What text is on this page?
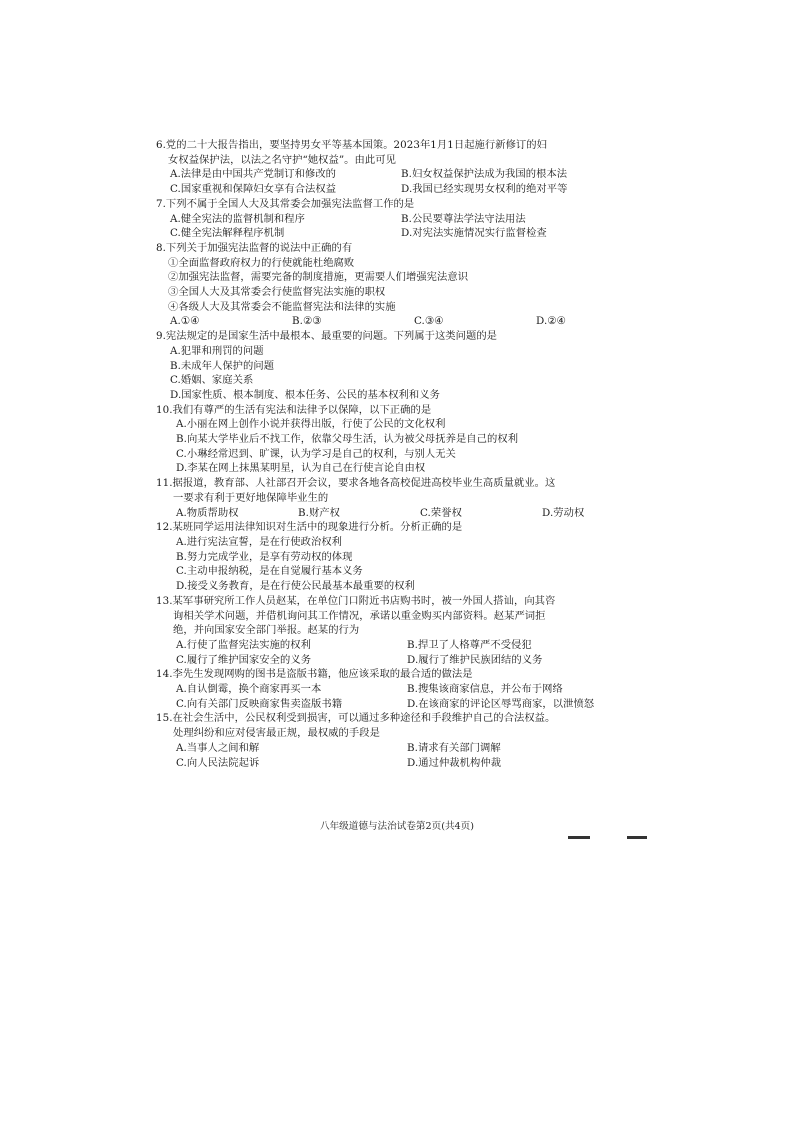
6.党的二十大报告指出，要坚持男女平等基本国策。2023年1月1日起施行新修订的妇
女权益保护法，以法之名守护“她权益”。由此可见
A.法律是由中国共产党制订和修改的	B.妇女权益保护法成为我国的根本法
C.国家重视和保障妇女享有合法权益	D.我国已经实现男女权利的绝对平等
7.下列不属于全国人大及其常委会加强宪法监督工作的是
A.健全宪法的监督机制和程序	B.公民要尊法学法守法用法
C.健全宪法解释程序机制	D.对宪法实施情况实行监督检查
8.下列关于加强宪法监督的说法中正确的有
①全面监督政府权力的行使就能杜绝腐败
②加强宪法监督，需要完备的制度措施，更需要人们增强宪法意识
③全国人大及其常委会行使监督宪法实施的职权
④各级人大及其常委会不能监督宪法和法律的实施
A.①④	B.②③	C.③④	D.②④
9.宪法规定的是国家生活中最根本、最重要的问题。下列属于这类问题的是
A.犯罪和刑罚的问题
B.未成年人保护的问题
C.婚姻、家庭关系
D.国家性质、根本制度、根本任务、公民的基本权利和义务
10.我们有尊严的生活有宪法和法律予以保障，以下正确的是
A.小丽在网上创作小说并获得出版，行使了公民的文化权利
B.向某大学毕业后不找工作，依靠父母生活，认为被父母抚养是自己的权利
C.小琳经常迟到、旷课，认为学习是自己的权利，与别人无关
D.李某在网上抹黑某明星，认为自己在行使言论自由权
11.据报道，教育部、人社部召开会议，要求各地各高校促进高校毕业生高质量就业。这
一要求有利于更好地保障毕业生的
A.物质帮助权	B.财产权	C.荣誉权	D.劳动权
12.某班同学运用法律知识对生活中的现象进行分析。分析正确的是
A.进行宪法宣誓，是在行使政治权利
B.努力完成学业，是享有劳动权的体现
C.主动申报纳税，是在自觉履行基本义务
D.接受义务教育，是在行使公民最基本最重要的权利
13.某军事研究所工作人员赵某，在单位门口附近书店购书时，被一外国人搭讪，向其咨
询相关学术问题，并借机询问其工作情况，承诺以重金购买内部资料。赵某严词拒
绝，并向国家安全部门举报。赵某的行为
A.行使了监督宪法实施的权利	B.捍卫了人格尊严不受侵犯
C.履行了维护国家安全的义务	D.履行了维护民族团结的义务
14.李先生发现网购的图书是盗版书籍，他应该采取的最合适的做法是
A.自认倒霉，换个商家再买一本	B.搜集该商家信息，并公布于网络
C.向有关部门反映商家售卖盗版书籍	D.在该商家的评论区辱骂商家，以泄愤怒
15.在社会生活中，公民权利受到损害，可以通过多种途径和手段维护自己的合法权益。
处理纠纷和应对侵害最正规，最权威的手段是
A.当事人之间和解	B.请求有关部门调解
C.向人民法院起诉	D.通过仲裁机构仲裁
八年级道德与法治试卷第2页(共4页)
